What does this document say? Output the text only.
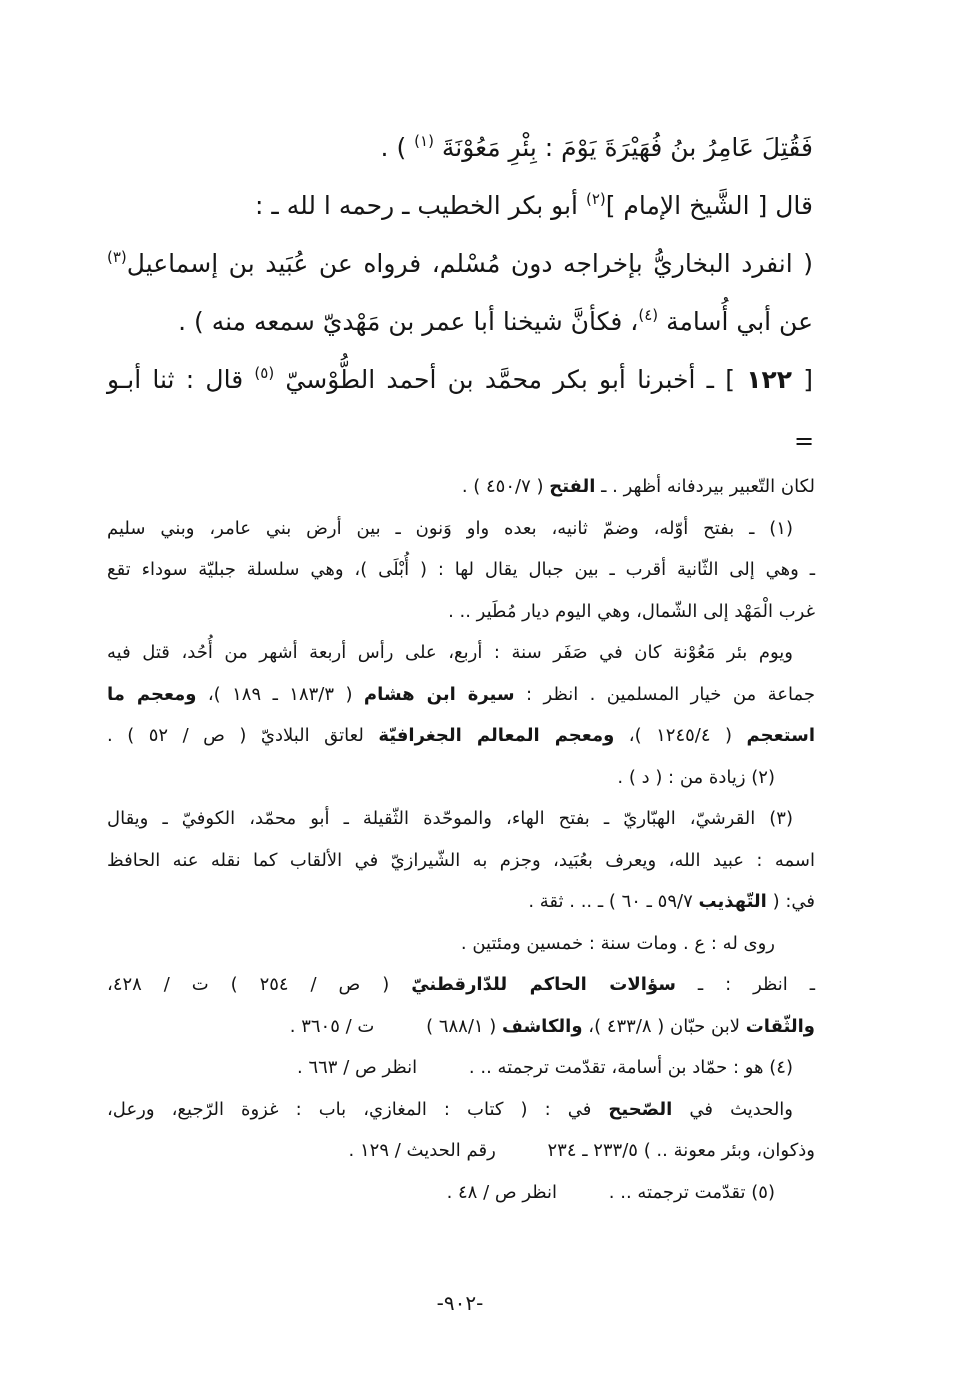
فَقُتِلَ عَامِرُ بنُ فُهَيْرَةَ يَوْمَ : بِئْرِ مَعُوْنَةَ $^{(١)}$ ) .
قال [ الشَّيخ الإمام ]$^{(٢)}$ أبو بكر الخطيب ـ رحمه ا لله ـ :
( انفرد البخاريُّ بإخراجه دون مُسْلم، فرواه عن عُبَيد بن إسماعيل$^{(٣)}$
عن أبي أُسامة $^{(٤)}$، فكأنَّ شيخنا أبا عمر بن مَهْديّ سمعه منه ) .
[ ١٢٢ ] ـ أخبرنا أبو بكر محمَّد بن أحمد الطُّوْسيّ $^{(٥)}$ قال : ثنا أبـو
=
لكان التّعبير بيردفانه أظهر . ـ الفتح ( ٤٥٠/٧ ) .
(١) ـ بفتح أوّله، وضمّ ثانيه، بعده واو وَنون ـ بين أرض بني عامر، وبني سليم
ـ وهي إلى الثّانية أقرب ـ بين جبال يقال لها : ( أُبْلَى )، وهي سلسلة جبليّة سوداء تقع
غرب الْمَهْد إلى الشّمال، وهي اليوم ديار مُطَير .. .
ويوم بئر مَعُوْنة كان في صَفَر سنة : أربع، على رأس أربعة أشهر من أُحُد، قتل فيه
جماعة من خيار المسلمين . انظر : سيرة ابن هشام ( ١٨٣/٣ ـ ١٨٩ )، ومعجم ما
استعجم ( ١٢٤٥/٤ )، ومعجم المعالم الجغرافيّة لعاتق البلاديّ ( ص / ٥٢ ) .
(٢) زيادة من : ( د ) .
(٣) القرشيّ، الهبّاريّ ـ بفتح الهاء، والموحّدة الثّقيلة ـ أبو محمّد، الكوفيّ ـ ويقال
اسمه : عبيد الله، ويعرف بعُبَيد، وجزم به الشّيرازيّ في الألقاب كما نقله عنه الحافظ
في: ( التّهذيب ٥٩/٧ ـ ٦٠ ) ـ .. . ثقة .
روى له : ع . ومات سنة : خمسين ومئتين .
ـ انظر : ـ سؤالات الحاكم للدّارقطنيّ ( ص / ٢٥٤ ) ت / ٤٢٨،
والثّقات لابن حبّان ( ٤٣٣/٨ )، والكاشف ( ٦٨٨/١ ) ت / ٣٦٠٥ .
(٤) هو : حمّاد بن أسامة، تقدّمت ترجمته .. . انظر ص / ٦٦٣ .
والحديث في الصّحيح في : ( كتاب : المغازي، باب : غزوة الرّجيع، ورعل،
وذكوان، وبئر معونة .. ) ٢٣٣/٥ ـ ٢٣٤ رقم الحديث / ١٢٩ .
(٥) تقدّمت ترجمته .. . انظر ص / ٤٨ .
-٩٠٢-
